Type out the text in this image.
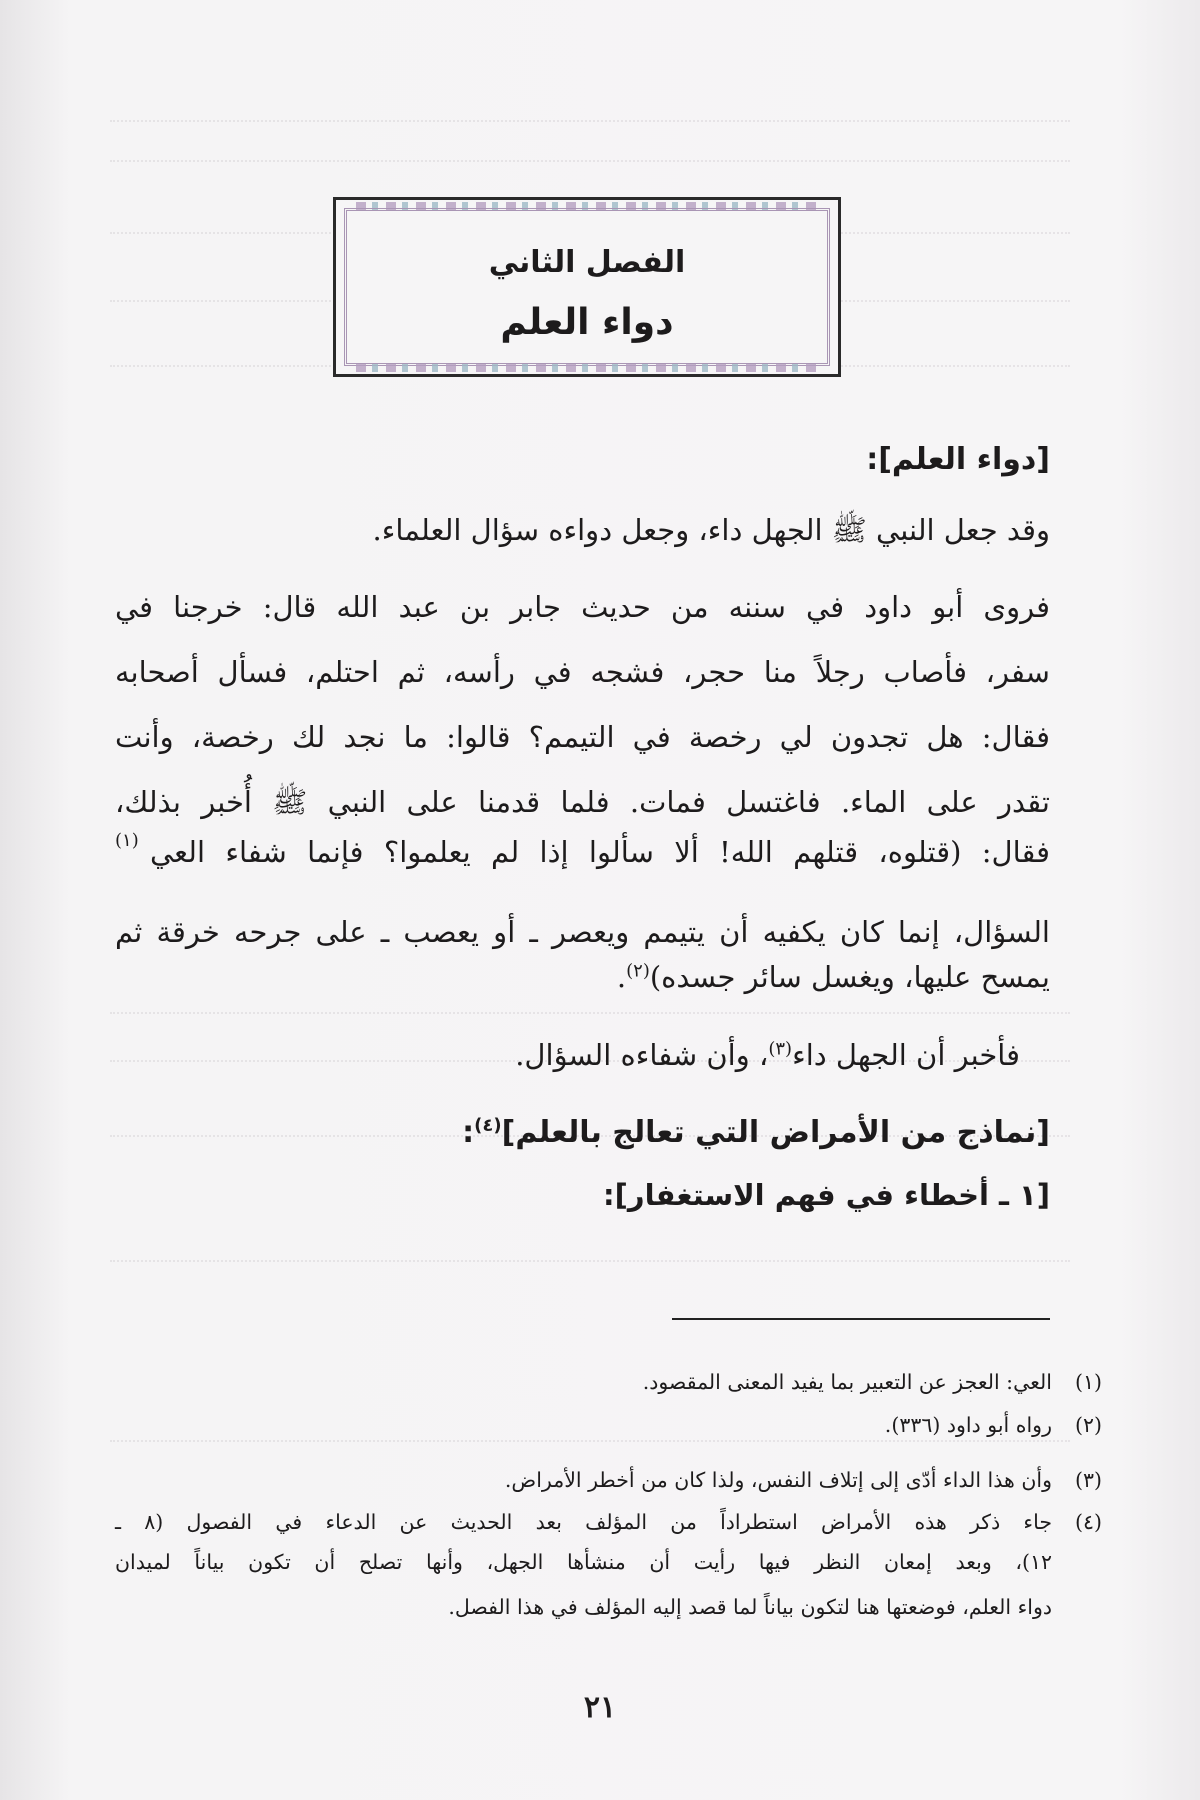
الفصل الثاني
دواء العلم
[دواء العلم]:
وقد جعل النبي ﷺ الجهل داء، وجعل دواءه سؤال العلماء.
فروى أبو داود في سننه من حديث جابر بن عبد الله قال: خرجنا في
سفر، فأصاب رجلاً منا حجر، فشجه في رأسه، ثم احتلم، فسأل أصحابه
فقال: هل تجدون لي رخصة في التيمم؟ قالوا: ما نجد لك رخصة، وأنت
تقدر على الماء. فاغتسل فمات. فلما قدمنا على النبي ﷺ أُخبر بذلك،
فقال: (قتلوه، قتلهم الله! ألا سألوا إذا لم يعلموا؟ فإنما شفاء العي
(١)
السؤال، إنما كان يكفيه أن يتيمم ويعصر ـ أو يعصب ـ على جرحه خرقة ثم
يمسح عليها، ويغسل سائر جسده)$^{(٢)}$.
فأخبر أن الجهل داء$^{(٣)}$، وأن شفاءه السؤال.
[نماذج من الأمراض التي تعالج بالعلم]$^{(٤)}$:
[١ ـ أخطاء في فهم الاستغفار]:
(١)
العي: العجز عن التعبير بما يفيد المعنى المقصود.
(٢)
رواه أبو داود (٣٣٦).
(٣)
وأن هذا الداء أدّى إلى إتلاف النفس، ولذا كان من أخطر الأمراض.
(٤)
جاء ذكر هذه الأمراض استطراداً من المؤلف بعد الحديث عن الدعاء في الفصول (٨ ـ
١٢)، وبعد إمعان النظر فيها رأيت أن منشأها الجهل، وأنها تصلح أن تكون بياناً لميدان
دواء العلم، فوضعتها هنا لتكون بياناً لما قصد إليه المؤلف في هذا الفصل.
٢١
